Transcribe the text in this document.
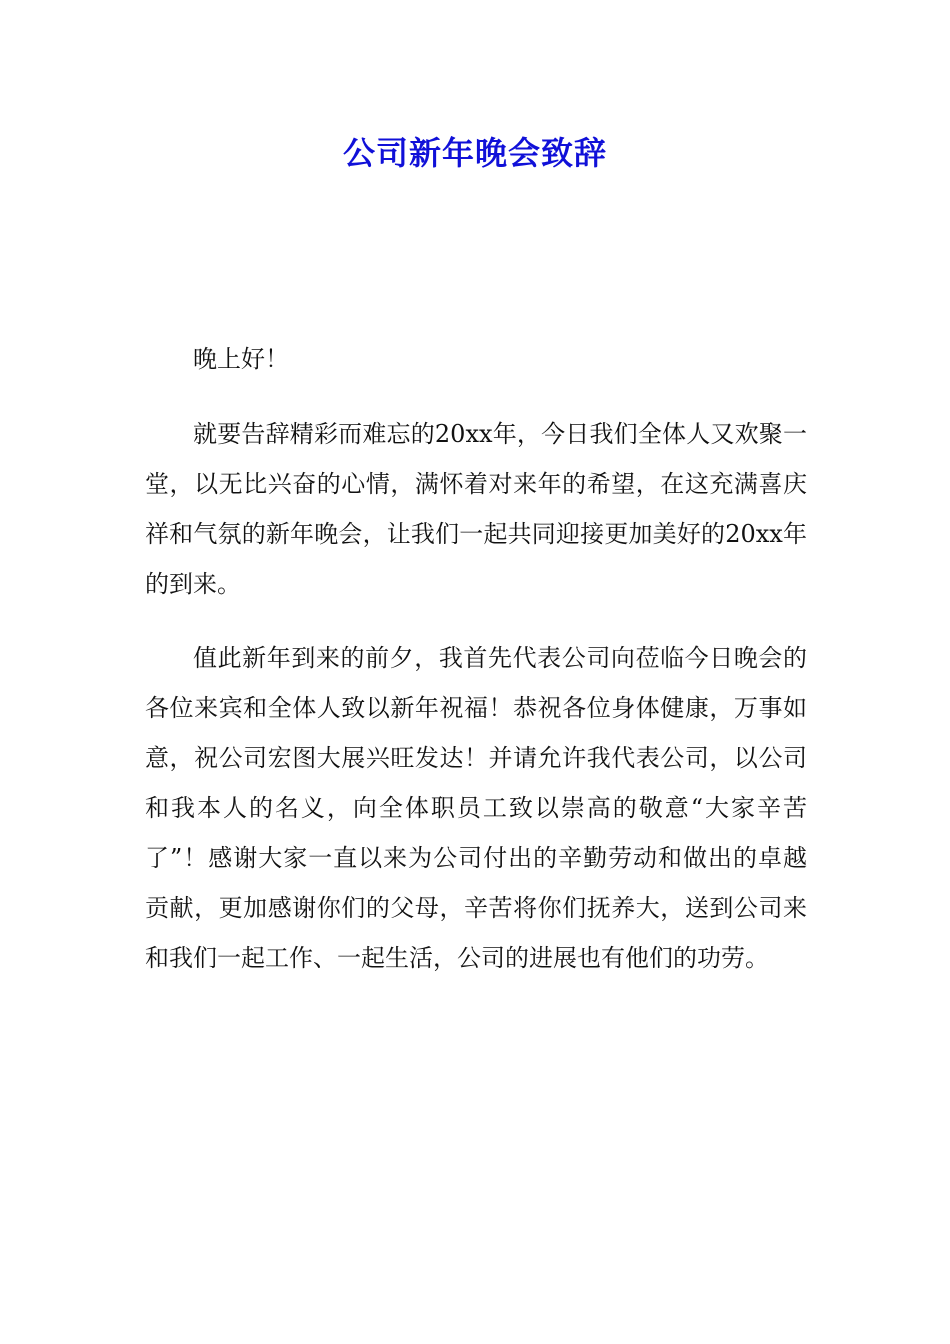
公司新年晚会致辞

晚上好！

就要告辞精彩而难忘的20xx年，今日我们全体人又欢聚一
堂，以无比兴奋的心情，满怀着对来年的希望，在这充满喜庆
祥和气氛的新年晚会，让我们一起共同迎接更加美好的20xx年
的到来。

值此新年到来的前夕，我首先代表公司向莅临今日晚会的
各位来宾和全体人致以新年祝福！恭祝各位身体健康，万事如
意，祝公司宏图大展兴旺发达！并请允许我代表公司，以公司
和我本人的名义，向全体职员工致以崇高的敬意“大家辛苦
了”！感谢大家一直以来为公司付出的辛勤劳动和做出的卓越
贡献，更加感谢你们的父母，辛苦将你们抚养大，送到公司来
和我们一起工作、一起生活，公司的进展也有他们的功劳。
